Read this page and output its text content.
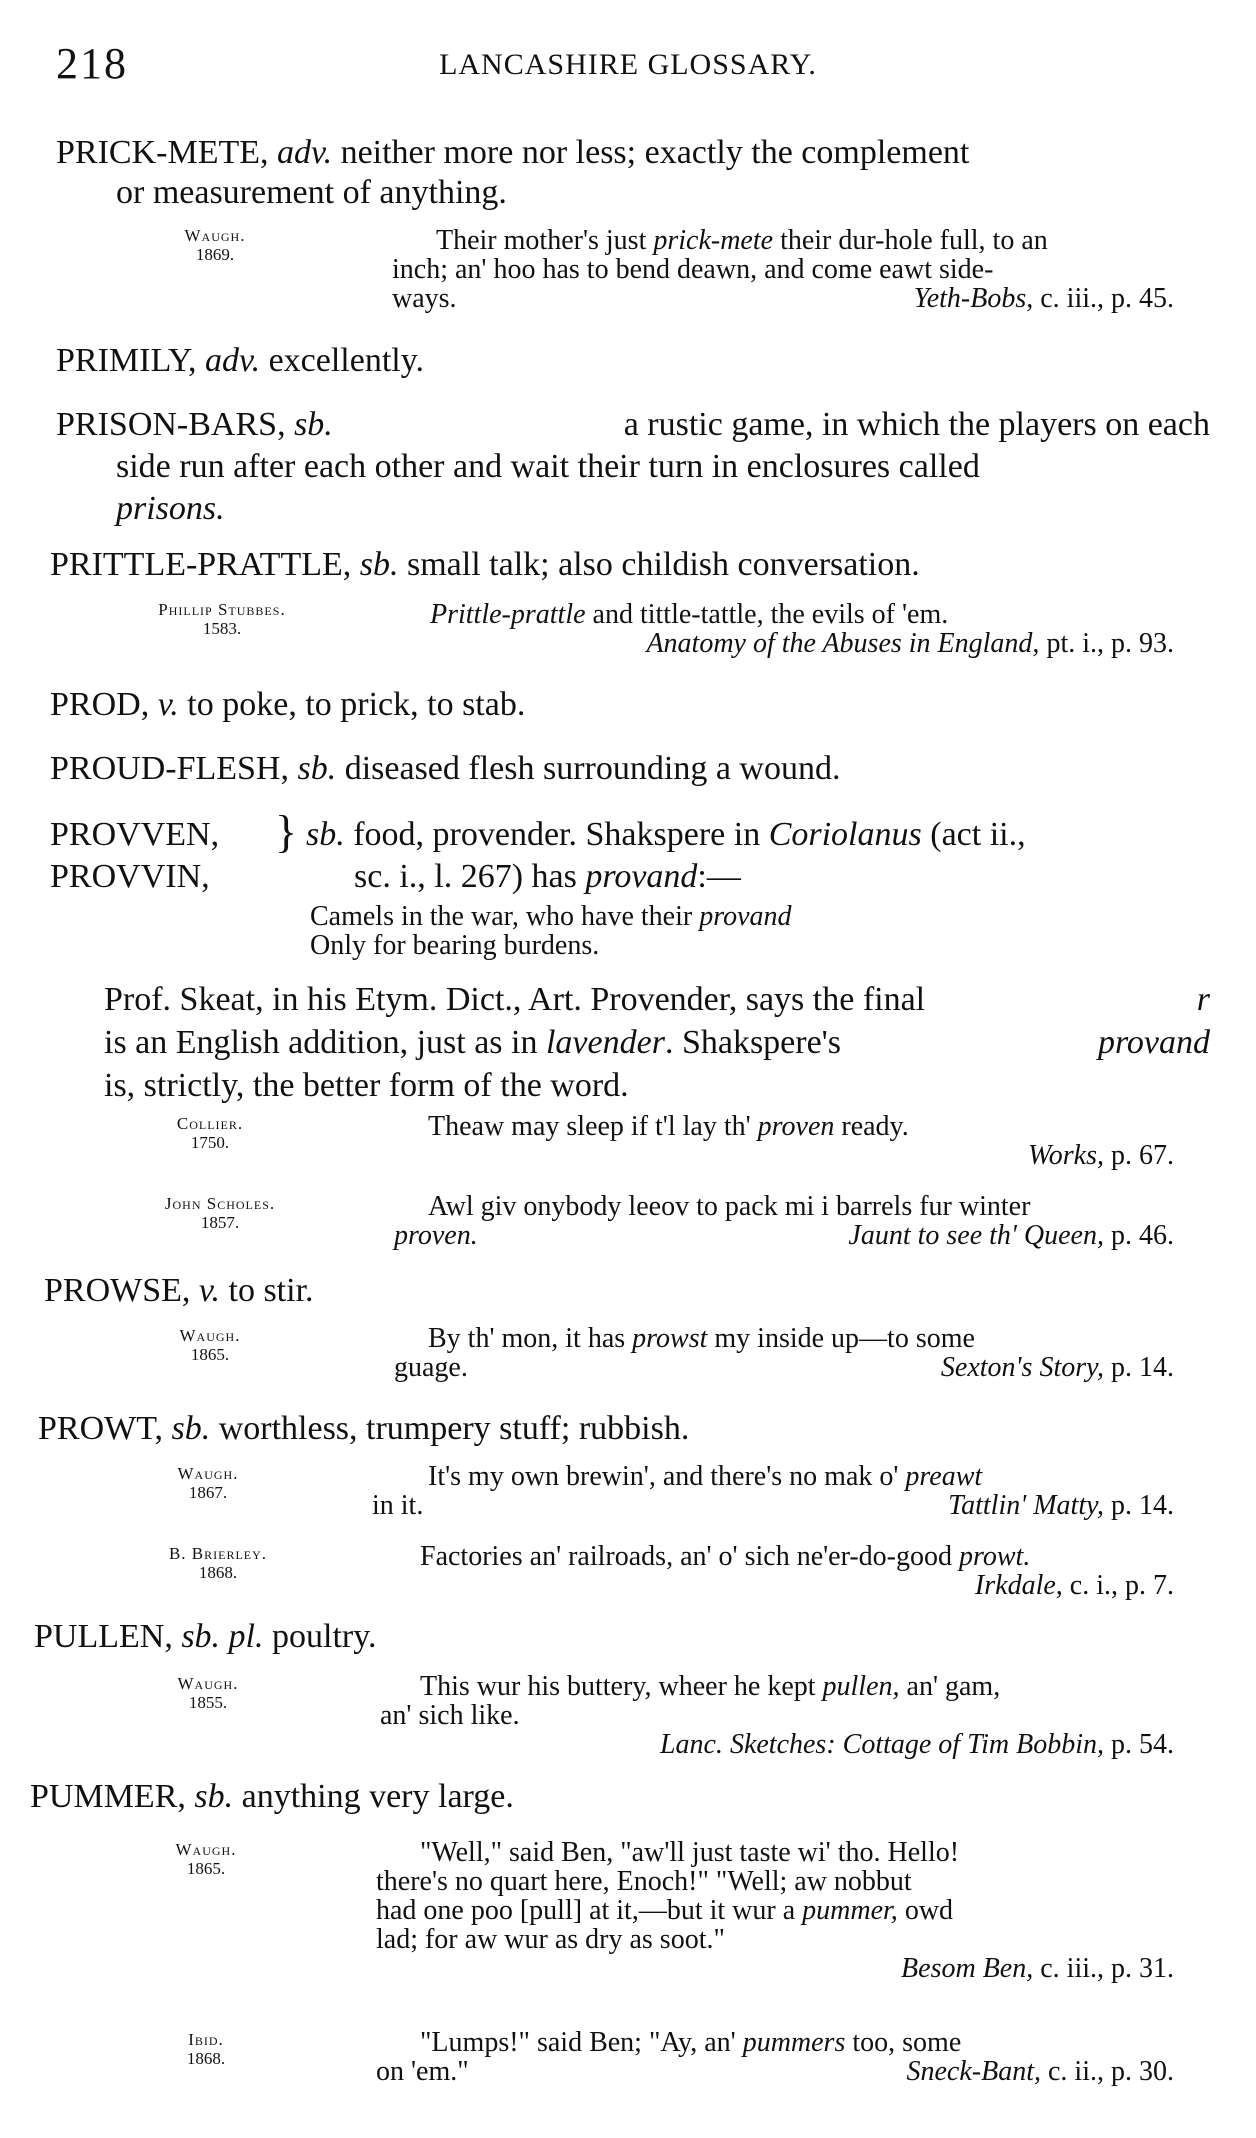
218	LANCASHIRE GLOSSARY.
PRICK-METE, adv. neither more nor less; exactly the complement
or measurement of anything.
Waugh.
1869.	Their mother's just prick-mete their dur-hole full, to an
inch; an' hoo has to bend deawn, and come eawt side-
ways.	Yeth-Bobs, c. iii., p. 45.
PRIMILY, adv. excellently.
PRISON-BARS, sb.	a rustic game, in which the players on each
side run after each other and wait their turn in enclosures called
prisons.
PRITTLE-PRATTLE, sb. small talk; also childish conversation.
Phillip Stubbes.
1583.	Prittle-prattle and tittle-tattle, the evils of 'em.
Anatomy of the Abuses in England, pt. i., p. 93.
PROD, v. to poke, to prick, to stab.
PROUD-FLESH, sb. diseased flesh surrounding a wound.
PROVVEN,
PROVVIN,
} sb. food, provender. Shakspere in Coriolanus (act ii.,
sc. i., l. 267) has provand:—
Camels in the war, who have their provand
Only for bearing burdens.
Prof. Skeat, in his Etym. Dict., Art. Provender, says the final	r
is an English addition, just as in lavender. Shakspere's	provand
is, strictly, the better form of the word.
Collier.
1750.
Theaw may sleep if t'l lay th' proven ready.
Works, p. 67.
John Scholes.
1857.
Awl giv onybody leeov to pack mi i barrels fur winter
proven.	Jaunt to see th' Queen, p. 46.
PROWSE, v. to stir.
Waugh.
1865.
By th' mon, it has prowst my inside up—to some
guage.	Sexton's Story, p. 14.
PROWT, sb. worthless, trumpery stuff; rubbish.
Waugh.
1867.
It's my own brewin', and there's no mak o' preawt
in it.	Tattlin' Matty, p. 14.
B. Brierley.
1868.
Factories an' railroads, an' o' sich ne'er-do-good prowt.
Irkdale, c. i., p. 7.
PULLEN, sb. pl. poultry.
Waugh.
1855.
This wur his buttery, wheer he kept pullen, an' gam,
an' sich like.
Lanc. Sketches: Cottage of Tim Bobbin, p. 54.
PUMMER, sb. anything very large.
Waugh.
1865.
"Well," said Ben, "aw'll just taste wi' tho. Hello!
there's no quart here, Enoch!" "Well; aw nobbut
had one poo [pull] at it,—but it wur a pummer, owd
lad; for aw wur as dry as soot."
Besom Ben, c. iii., p. 31.
Ibid.
1868.
"Lumps!" said Ben; "Ay, an' pummers too, some
on 'em."	Sneck-Bant, c. ii., p. 30.
